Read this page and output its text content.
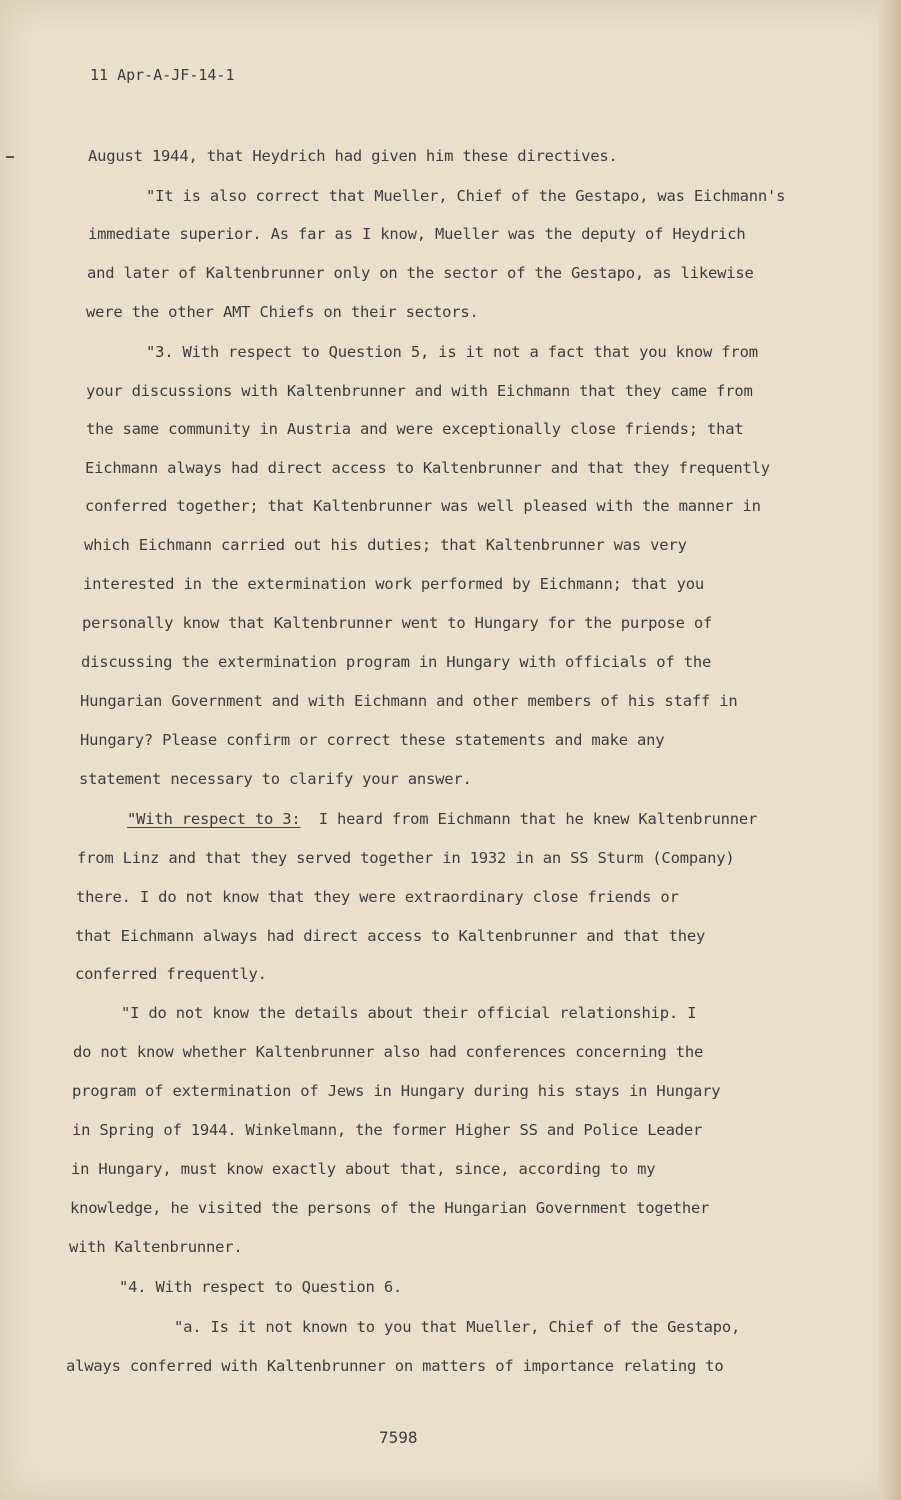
11 Apr-A-JF-14-1
August 1944, that Heydrich had given him these directives.
"It is also correct that Mueller, Chief of the Gestapo, was Eichmann's
immediate superior. As far as I know, Mueller was the deputy of Heydrich
and later of Kaltenbrunner only on the sector of the Gestapo, as likewise
were the other AMT Chiefs on their sectors.
"3. With respect to Question 5, is it not a fact that you know from
your discussions with Kaltenbrunner and with Eichmann that they came from
the same community in Austria and were exceptionally close friends; that
Eichmann always had direct access to Kaltenbrunner and that they frequently
conferred together; that Kaltenbrunner was well pleased with the manner in
which Eichmann carried out his duties; that Kaltenbrunner was very
interested in the extermination work performed by Eichmann; that you
personally know that Kaltenbrunner went to Hungary for the purpose of
discussing the extermination program in Hungary with officials of the
Hungarian Government and with Eichmann and other members of his staff in
Hungary? Please confirm or correct these statements and make any
statement necessary to clarify your answer.
"With respect to 3: I heard from Eichmann that he knew Kaltenbrunner
from Linz and that they served together in 1932 in an SS Sturm (Company)
there. I do not know that they were extraordinary close friends or
that Eichmann always had direct access to Kaltenbrunner and that they
conferred frequently.
"I do not know the details about their official relationship. I
do not know whether Kaltenbrunner also had conferences concerning the
program of extermination of Jews in Hungary during his stays in Hungary
in Spring of 1944. Winkelmann, the former Higher SS and Police Leader
in Hungary, must know exactly about that, since, according to my
knowledge, he visited the persons of the Hungarian Government together
with Kaltenbrunner.
"4. With respect to Question 6.
"a. Is it not known to you that Mueller, Chief of the Gestapo,
always conferred with Kaltenbrunner on matters of importance relating to
7598
